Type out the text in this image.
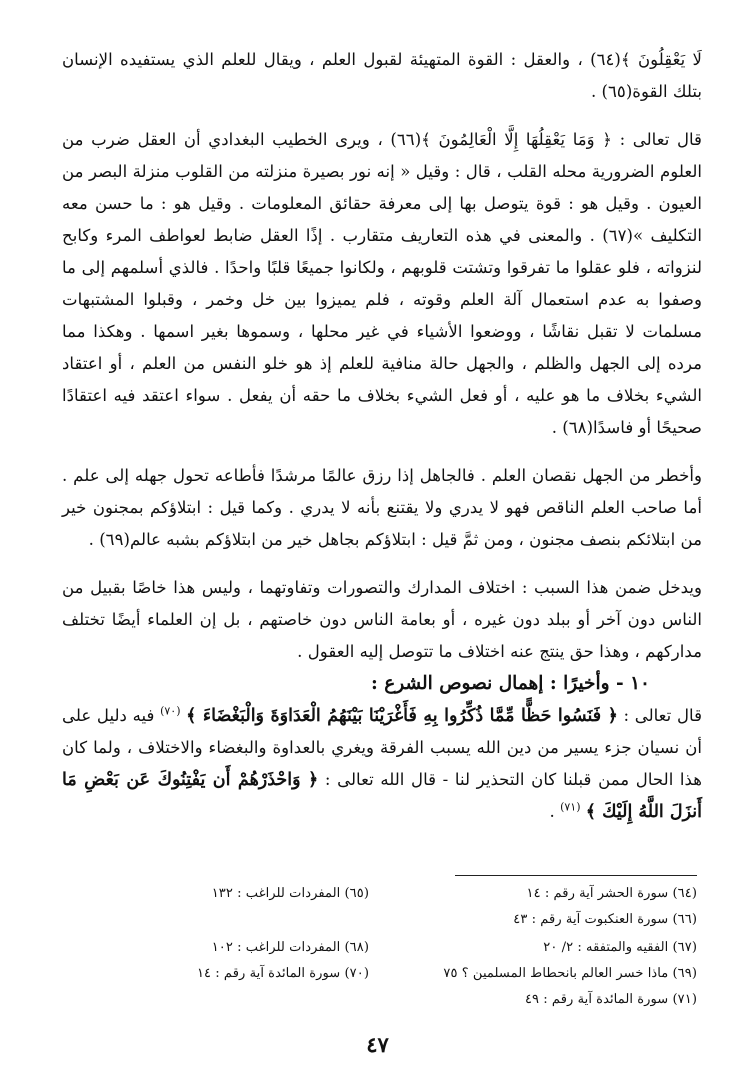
لَا يَعْقِلُونَ ﴾(٦٤) ، والعقل : القوة المتهيئة لقبول العلم ، ويقال للعلم الذي يستفيده الإنسان بتلك القوة(٦٥) .

قال تعالى : ﴿ وَمَا يَعْقِلُهَا إِلَّا الْعَالِمُونَ ﴾(٦٦) ، ويرى الخطيب البغدادي أن العقل ضرب من العلوم الضرورية محله القلب ، قال : وقيل « إنه نور بصيرة منزلته من القلوب منزلة البصر من العيون . وقيل هو : قوة يتوصل بها إلى معرفة حقائق المعلومات . وقيل هو : ما حسن معه التكليف »(٦٧) . والمعنى في هذه التعاريف متقارب . إذًا العقل ضابط لعواطف المرء وكابح لنزواته ، فلو عقلوا ما تفرقوا وتشتت قلوبهم ، ولكانوا جميعًا قلبًا واحدًا . فالذي أسلمهم إلى ما وصفوا به عدم استعمال آلة العلم وقوته ، فلم يميزوا بين خل وخمر ، وقبلوا المشتبهات مسلمات لا تقبل نقاشًا ، ووضعوا الأشياء في غير محلها ، وسموها بغير اسمها . وهكذا مما مرده إلى الجهل والظلم ، والجهل حالة منافية للعلم إذ هو خلو النفس من العلم ، أو اعتقاد الشيء بخلاف ما هو عليه ، أو فعل الشيء بخلاف ما حقه أن يفعل . سواء اعتقد فيه اعتقادًا صحيحًا أو فاسدًا(٦٨) .

وأخطر من الجهل نقصان العلم . فالجاهل إذا رزق عالمًا مرشدًا فأطاعه تحول جهله إلى علم . أما صاحب العلم الناقص فهو لا يدري ولا يقتنع بأنه لا يدري . وكما قيل : ابتلاؤكم بمجنون خير من ابتلائكم بنصف مجنون ، ومن ثمَّ قيل : ابتلاؤكم بجاهل خير من ابتلاؤكم بشبه عالم(٦٩) .

ويدخل ضمن هذا السبب : اختلاف المدارك والتصورات وتفاوتهما ، وليس هذا خاصًا بقبيل من الناس دون آخر أو ببلد دون غيره ، أو بعامة الناس دون خاصتهم ، بل إن العلماء أيضًا تختلف مداركهم ، وهذا حق ينتج عنه اختلاف ما تتوصل إليه العقول .

١٠ - وأخيرًا : إهمال نصوص الشرع :

قال تعالى : ﴿ فَنَسُوا حَظًّا مِّمَّا ذُكِّرُوا بِهِ فَأَغْرَيْنَا بَيْنَهُمُ الْعَدَاوَةَ وَالْبَغْضَاءَ ﴾ $^{(٧٠)}$ فيه دليل على أن نسيان جزء يسير من دين الله يسبب الفرقة ويغري بالعداوة والبغضاء والاختلاف ، ولما كان هذا الحال ممن قبلنا كان التحذير لنا - قال الله تعالى : ﴿ وَاحْذَرْهُمْ أَن يَفْتِنُوكَ عَن بَعْضِ مَا أَنزَلَ اللَّهُ إِلَيْكَ ﴾ $^{(٧١)}$ .

(٦٤) سورة الحشر آية رقم : ١٤
(٦٥) المفردات للراغب : ١٣٢
(٦٦) سورة العنكبوت آية رقم : ٤٣
(٦٧) الفقيه والمتفقه : ٢/ ٢٠
(٦٨) المفردات للراغب : ١٠٢
(٦٩) ماذا خسر العالم بانحطاط المسلمين ؟ ٧٥
(٧٠) سورة المائدة آية رقم : ١٤
(٧١) سورة المائدة آية رقم : ٤٩
٤٧
